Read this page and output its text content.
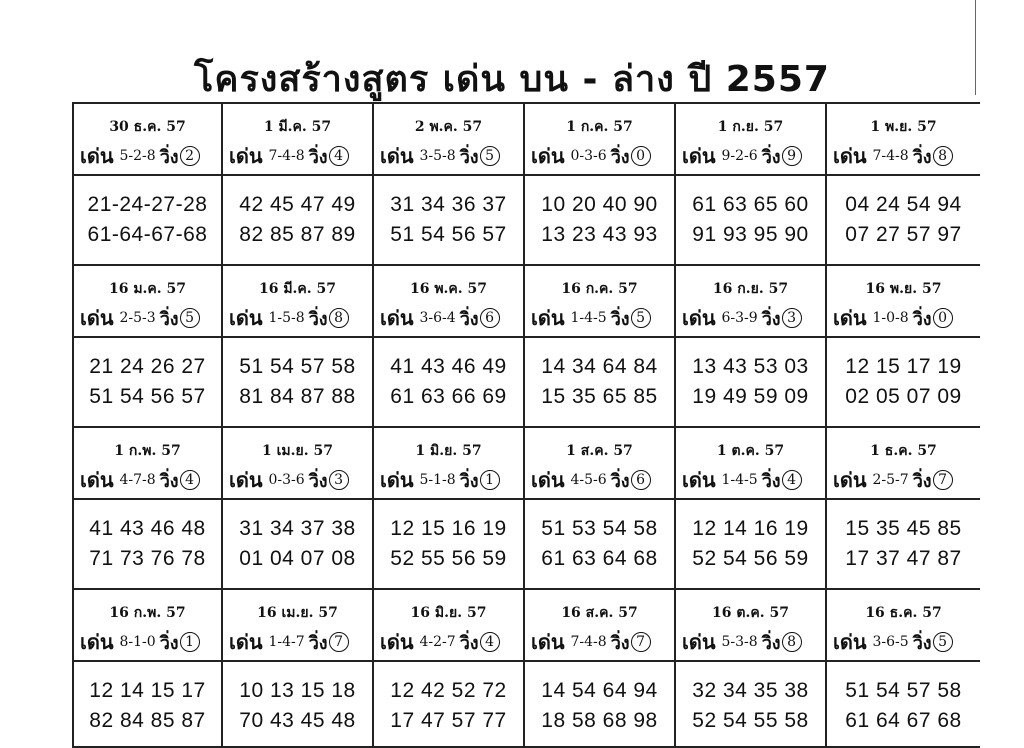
โครงสร้างสูตร เด่น บน - ล่าง ปี 2557
30 ธ.ค. 57
เด่น 5-2-8 วิ่ง 2
1 มี.ค. 57
เด่น 7-4-8 วิ่ง 4
2 พ.ค. 57
เด่น 3-5-8 วิ่ง 5
1 ก.ค. 57
เด่น 0-3-6 วิ่ง 0
1 ก.ย. 57
เด่น 9-2-6 วิ่ง 9
1 พ.ย. 57
เด่น 7-4-8 วิ่ง 8
21-24-27-28
61-64-67-68
42 45 47 49
82 85 87 89
31 34 36 37
51 54 56 57
10 20 40 90
13 23 43 93
61 63 65 60
91 93 95 90
04 24 54 94
07 27 57 97
16 ม.ค. 57
เด่น 2-5-3 วิ่ง 5
16 มี.ค. 57
เด่น 1-5-8 วิ่ง 8
16 พ.ค. 57
เด่น 3-6-4 วิ่ง 6
16 ก.ค. 57
เด่น 1-4-5 วิ่ง 5
16 ก.ย. 57
เด่น 6-3-9 วิ่ง 3
16 พ.ย. 57
เด่น 1-0-8 วิ่ง 0
21 24 26 27
51 54 56 57
51 54 57 58
81 84 87 88
41 43 46 49
61 63 66 69
14 34 64 84
15 35 65 85
13 43 53 03
19 49 59 09
12 15 17 19
02 05 07 09
1 ก.พ. 57
เด่น 4-7-8 วิ่ง 4
1 เม.ย. 57
เด่น 0-3-6 วิ่ง 3
1 มิ.ย. 57
เด่น 5-1-8 วิ่ง 1
1 ส.ค. 57
เด่น 4-5-6 วิ่ง 6
1 ต.ค. 57
เด่น 1-4-5 วิ่ง 4
1 ธ.ค. 57
เด่น 2-5-7 วิ่ง 7
41 43 46 48
71 73 76 78
31 34 37 38
01 04 07 08
12 15 16 19
52 55 56 59
51 53 54 58
61 63 64 68
12 14 16 19
52 54 56 59
15 35 45 85
17 37 47 87
16 ก.พ. 57
เด่น 8-1-0 วิ่ง 1
16 เม.ย. 57
เด่น 1-4-7 วิ่ง 7
16 มิ.ย. 57
เด่น 4-2-7 วิ่ง 4
16 ส.ค. 57
เด่น 7-4-8 วิ่ง 7
16 ต.ค. 57
เด่น 5-3-8 วิ่ง 8
16 ธ.ค. 57
เด่น 3-6-5 วิ่ง 5
12 14 15 17
82 84 85 87
10 13 15 18
70 43 45 48
12 42 52 72
17 47 57 77
14 54 64 94
18 58 68 98
32 34 35 38
52 54 55 58
51 54 57 58
61 64 67 68
